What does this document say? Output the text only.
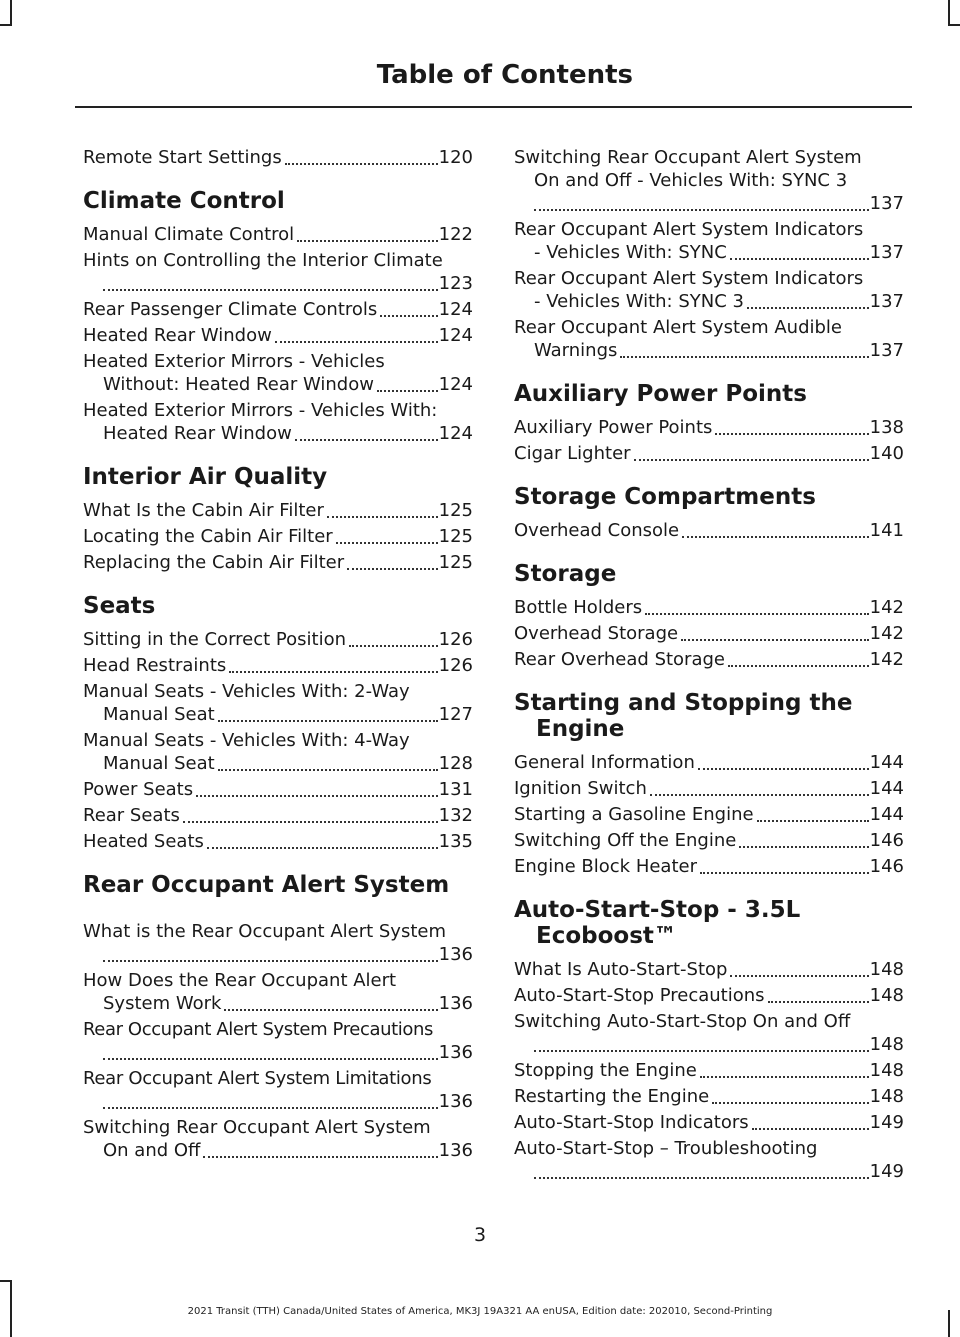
Table of Contents
Remote Start Settings	120
Climate Control
Manual Climate Control	122
Hints on Controlling the Interior Climate
123
Rear Passenger Climate Controls	124
Heated Rear Window	124
Heated Exterior Mirrors - Vehicles
Without: Heated Rear Window	124
Heated Exterior Mirrors - Vehicles With:
Heated Rear Window	124
Interior Air Quality
What Is the Cabin Air Filter	125
Locating the Cabin Air Filter	125
Replacing the Cabin Air Filter	125
Seats
Sitting in the Correct Position	126
Head Restraints	126
Manual Seats - Vehicles With: 2-Way
Manual Seat	127
Manual Seats - Vehicles With: 4-Way
Manual Seat	128
Power Seats	131
Rear Seats	132
Heated Seats	135
Rear Occupant Alert System
What is the Rear Occupant Alert System
136
How Does the Rear Occupant Alert
System Work	136
Rear Occupant Alert System Precautions
136
Rear Occupant Alert System Limitations
136
Switching Rear Occupant Alert System
On and Off	136
Switching Rear Occupant Alert System
On and Off - Vehicles With: SYNC 3
137
Rear Occupant Alert System Indicators
- Vehicles With: SYNC	137
Rear Occupant Alert System Indicators
- Vehicles With: SYNC 3	137
Rear Occupant Alert System Audible
Warnings	137
Auxiliary Power Points
Auxiliary Power Points	138
Cigar Lighter	140
Storage Compartments
Overhead Console	141
Storage
Bottle Holders	142
Overhead Storage	142
Rear Overhead Storage	142
Starting and Stopping the
Engine
General Information	144
Ignition Switch	144
Starting a Gasoline Engine	144
Switching Off the Engine	146
Engine Block Heater	146
Auto-Start-Stop - 3.5L
Ecoboost™
What Is Auto-Start-Stop	148
Auto-Start-Stop Precautions	148
Switching Auto-Start-Stop On and Off
148
Stopping the Engine	148
Restarting the Engine	148
Auto-Start-Stop Indicators	149
Auto-Start-Stop – Troubleshooting
149
3
2021 Transit (TTH) Canada/United States of America, MK3J 19A321 AA enUSA, Edition date: 202010, Second-Printing
